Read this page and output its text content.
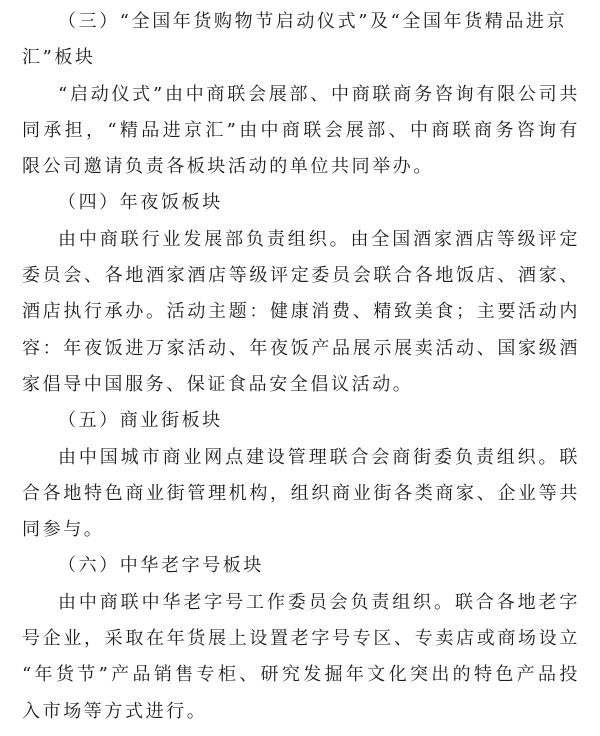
（三）“全国年货购物节启动仪式”及“全国年货精品进京汇”板块

“启动仪式”由中商联会展部、中商联商务咨询有限公司共同承担，“精品进京汇”由中商联会展部、中商联商务咨询有限公司邀请负责各板块活动的单位共同举办。

（四）年夜饭板块

由中商联行业发展部负责组织。由全国酒家酒店等级评定委员会、各地酒家酒店等级评定委员会联合各地饭店、酒家、酒店执行承办。活动主题：健康消费、精致美食；主要活动内容：年夜饭进万家活动、年夜饭产品展示展卖活动、国家级酒家倡导中国服务、保证食品安全倡议活动。

（五）商业街板块

由中国城市商业网点建设管理联合会商街委负责组织。联合各地特色商业街管理机构，组织商业街各类商家、企业等共同参与。

（六）中华老字号板块

由中商联中华老字号工作委员会负责组织。联合各地老字号企业，采取在年货展上设置老字号专区、专卖店或商场设立 “年货节”产品销售专柜、研究发掘年文化突出的特色产品投入市场等方式进行。
